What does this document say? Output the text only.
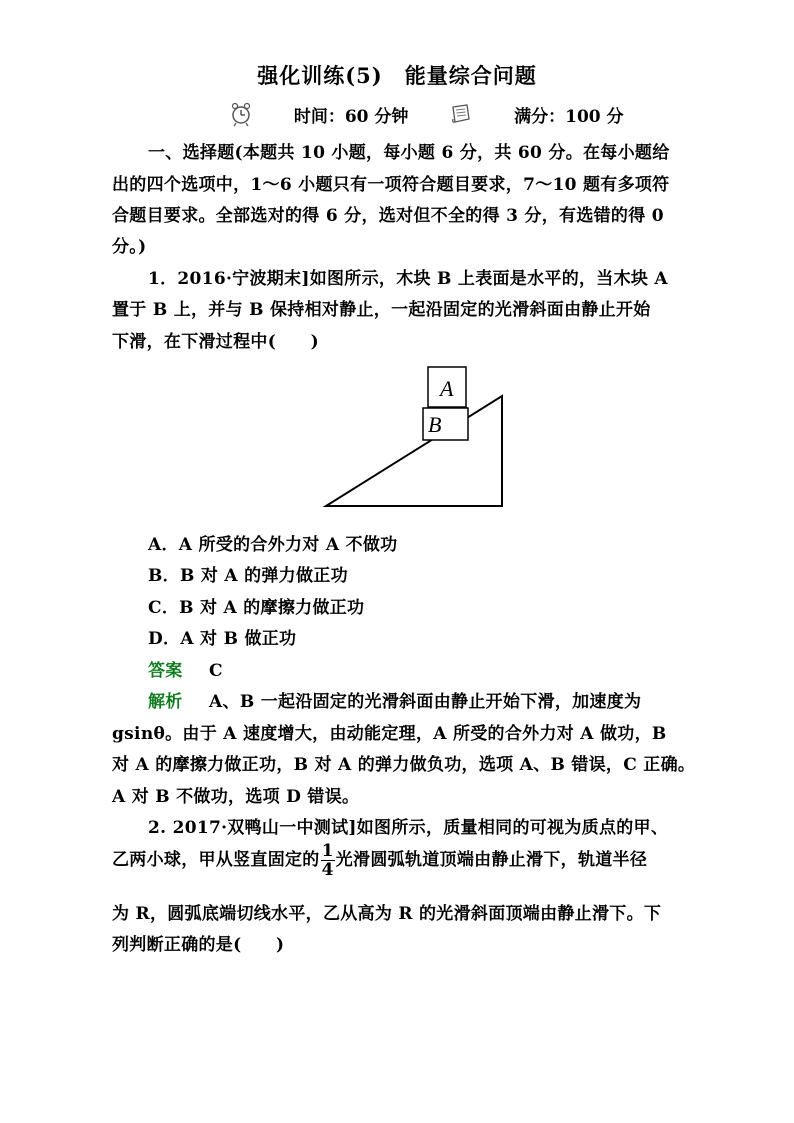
强化训练(5)　能量综合问题
时间：60 分钟	满分：100 分
一、选择题(本题共 10 小题，每小题 6 分，共 60 分。在每小题给
出的四个选项中，1～6 小题只有一项符合题目要求，7～10 题有多项符
合题目要求。全部选对的得 6 分，选对但不全的得 3 分，有选错的得 0
分。)
1．2016·宁波期末]如图所示，木块 B 上表面是水平的，当木块 A
置于 B 上，并与 B 保持相对静止，一起沿固定的光滑斜面由静止开始
下滑，在下滑过程中(　　)
A
B
A．A 所受的合外力对 A 不做功
B．B 对 A 的弹力做正功
C．B 对 A 的摩擦力做正功
D．A 对 B 做正功
答案 C
解析 A、B 一起沿固定的光滑斜面由静止开始下滑，加速度为
gsinθ。由于 A 速度增大，由动能定理，A 所受的合外力对 A 做功，B
对 A 的摩擦力做正功，B 对 A 的弹力做负功，选项 A、B 错误，C 正确。
A 对 B 不做功，选项 D 错误。
2. 2017·双鸭山一中测试]如图所示，质量相同的可视为质点的甲、
乙两小球，甲从竖直固定的 $\frac{1}{4}$ 光滑圆弧轨道顶端由静止滑下，轨道半径
为 R，圆弧底端切线水平，乙从高为 R 的光滑斜面顶端由静止滑下。下
列判断正确的是(　　)
